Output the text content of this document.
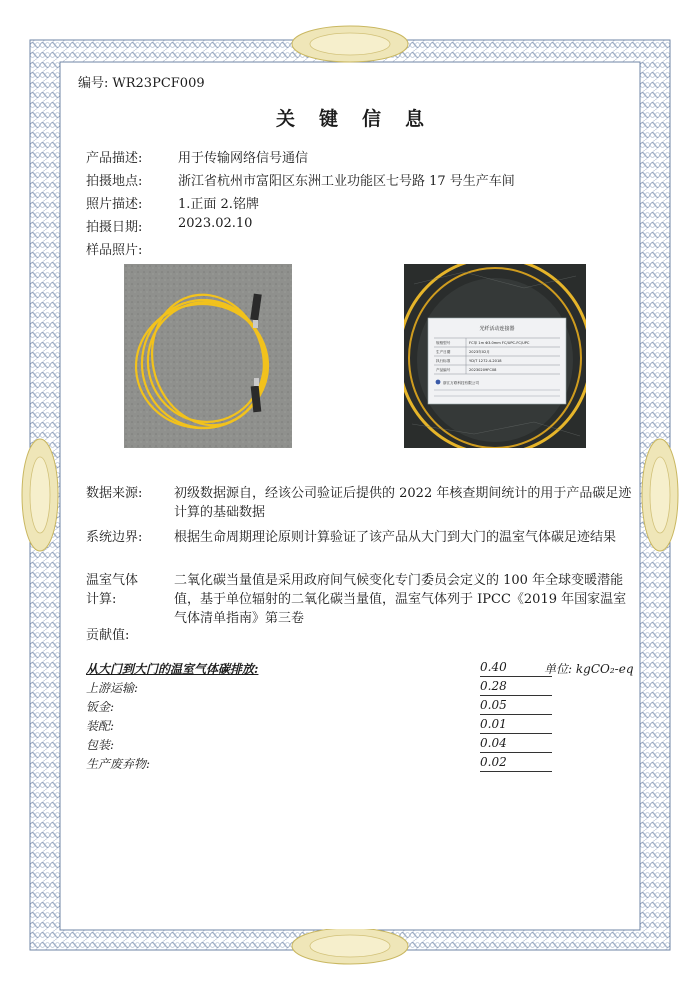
编号: WR23PCF009
关键信息
产品描述:	用于传输网络信号通信
拍摄地点:	浙江省杭州市富阳区东洲工业功能区七号路 17 号生产车间
照片描述:	1.正面 2.铭牌
拍摄日期:	2023.02.10
样品照片:
光纤活动连接器
规格型号	FC单 1m Φ3.0mm FC/UPC-FC/UPC
生产日期	2023年02月
执行标准	YD/T 1272.4-2018
产品编号	20230209FC08
浙江万联科技有限公司
数据来源:	初级数据源自，经该公司验证后提供的 2022 年核查期间统计的用于产品碳足迹计算的基础数据
系统边界:	根据生命周期理论原则计算验证了该产品从大门到大门的温室气体碳足迹结果
温室气体
计算:
二氧化碳当量值是采用政府间气候变化专门委员会定义的 100 年全球变暖潜能值，基于单位辐射的二氧化碳当量值，温室气体列于 IPCC《2019 年国家温室气体清单指南》第三卷
贡献值:
从大门到大门的温室气体碳排放:	0.40	单位: kgCO₂-eq
上游运输:	0.28
钣金:	0.05
装配:	0.01
包装:	0.04
生产废弃物:	0.02
